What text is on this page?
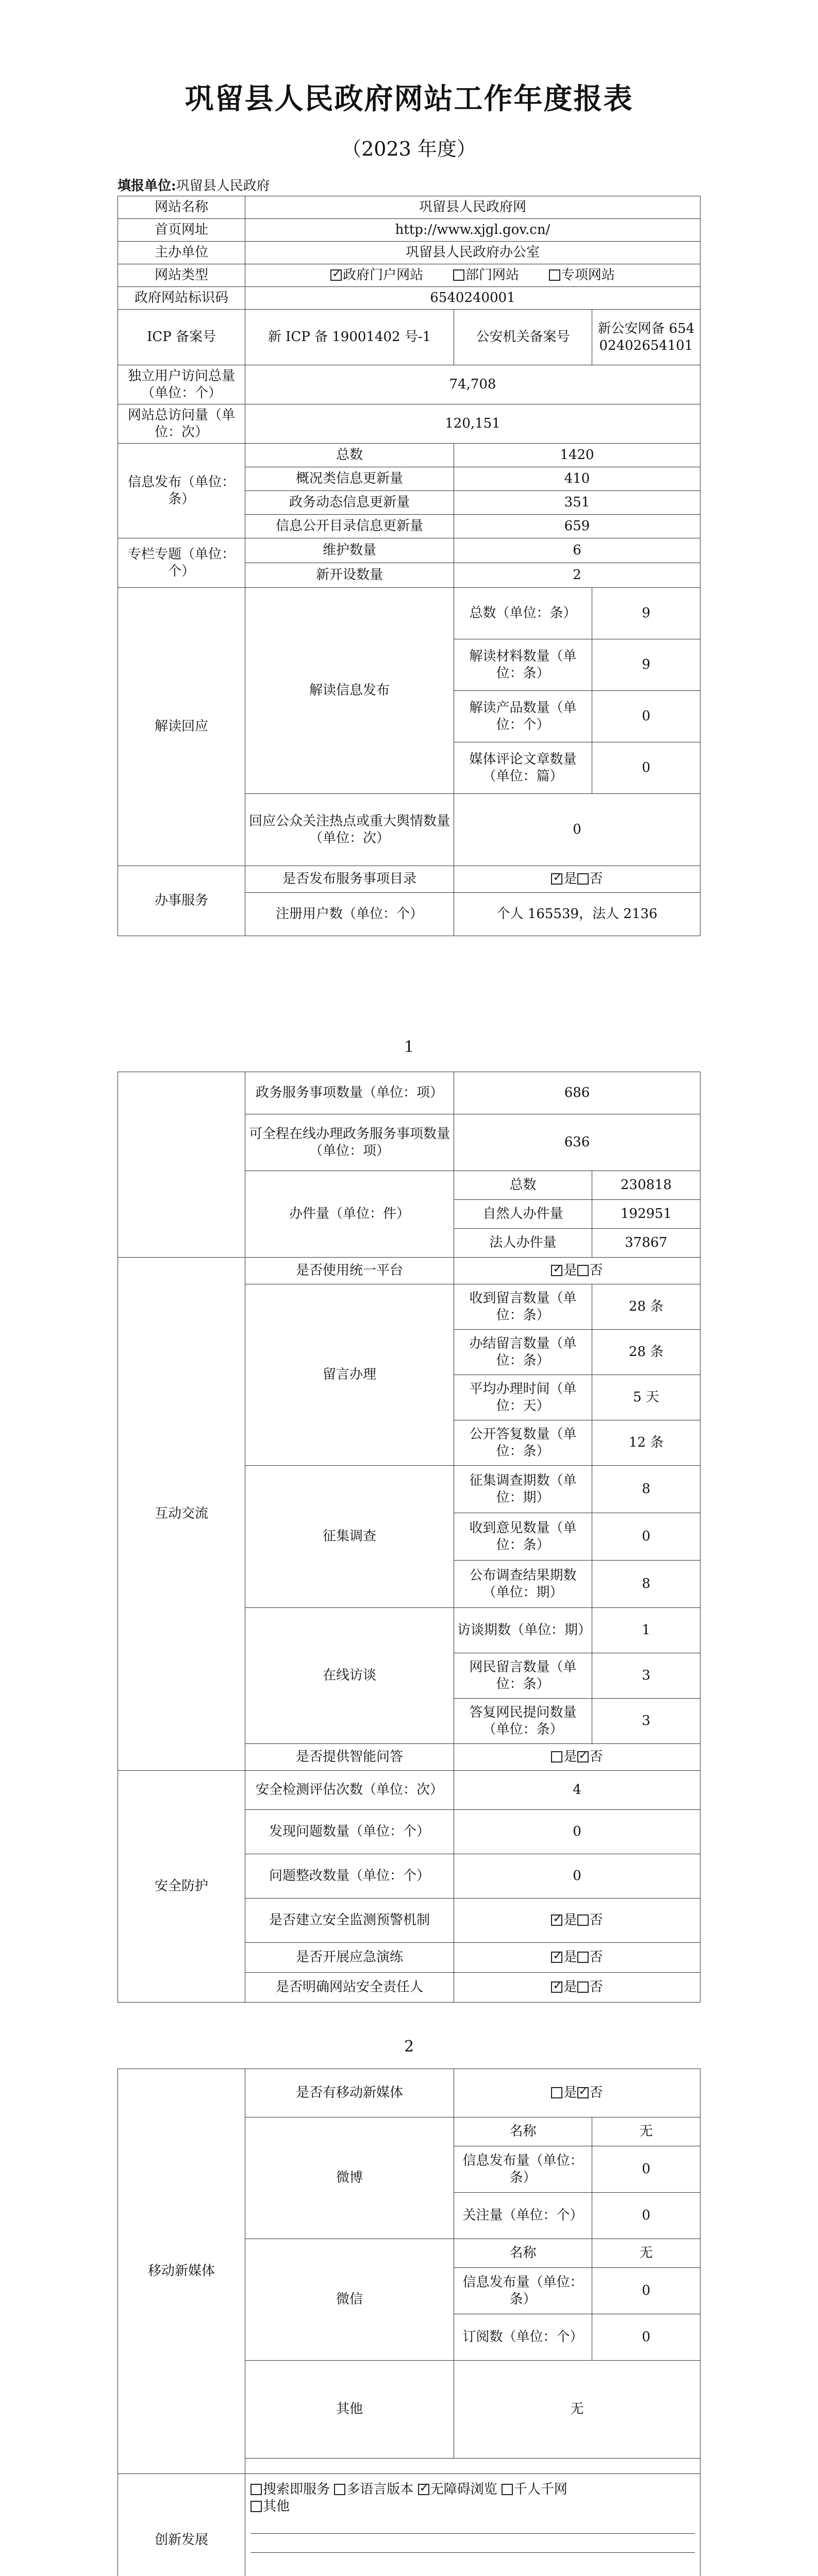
巩留县人民政府网站工作年度报表
（2023 年度）
填报单位:巩留县人民政府
网站名称	巩留县人民政府网		
首页网址	http://www.xjgl.gov.cn/		
主办单位	巩留县人民政府办公室		
网站类型	✓政府门户网站 部门网站 专项网站
政府网站标识码	6540240001		
ICP 备案号	新 ICP 备 19001402 号-1	公安机关备案号	新公安网备 65402402654101
独立用户访问总量（单位：个）	74,708		
网站总访问量（单位：次）	120,151		
信息发布（单位：条）	总数	1420	
	概况类信息更新量	410	
	政务动态信息更新量	351	
	信息公开目录信息更新量	659	
专栏专题（单位：个）	维护数量	6	
	新开设数量	2	
解读回应	解读信息发布	总数（单位：条）	9
		解读材料数量（单位：条）	9
		解读产品数量（单位：个）	0
		媒体评论文章数量（单位：篇）	0
	回应公众关注热点或重大舆情数量（单位：次）	0	
办事服务	是否发布服务事项目录	✓是 否
	注册用户数（单位：个）	个人 165539，法人 2136	
1
	政务服务事项数量（单位：项）	686	
	可全程在线办理政务服务事项数量（单位：项）	636	
	办件量（单位：件）	总数	230818
		自然人办件量	192951
		法人办件量	37867
互动交流	是否使用统一平台	✓是 否
	留言办理	收到留言数量（单位：条）	28 条
		办结留言数量（单位：条）	28 条
		平均办理时间（单位：天）	5 天
		公开答复数量（单位：条）	12 条
	征集调查	征集调查期数（单位：期）	8
		收到意见数量（单位：条）	0
		公布调查结果期数（单位：期）	8
	在线访谈	访谈期数（单位：期）	1
		网民留言数量（单位：条）	3
		答复网民提问数量（单位：条）	3
	是否提供智能问答	是 ✓ 否
安全防护	安全检测评估次数（单位：次）	4	
	发现问题数量（单位：个）	0	
	问题整改数量（单位：个）	0	
	是否建立安全监测预警机制	✓是 否
	是否开展应急演练	✓是 否
	是否明确网站安全责任人	✓是 否
2
移动新媒体	是否有移动新媒体	是 ✓ 否
	微博	名称	无
		信息发布量（单位：条）	0
		关注量（单位：个）	0
	微信	名称	无
		信息发布量（单位：条）	0
		订阅数（单位：个）	0
	其他	无	

创新发展	搜索即服务 多语言版本 ✓ 无障碍浏览 千人千网
其他
